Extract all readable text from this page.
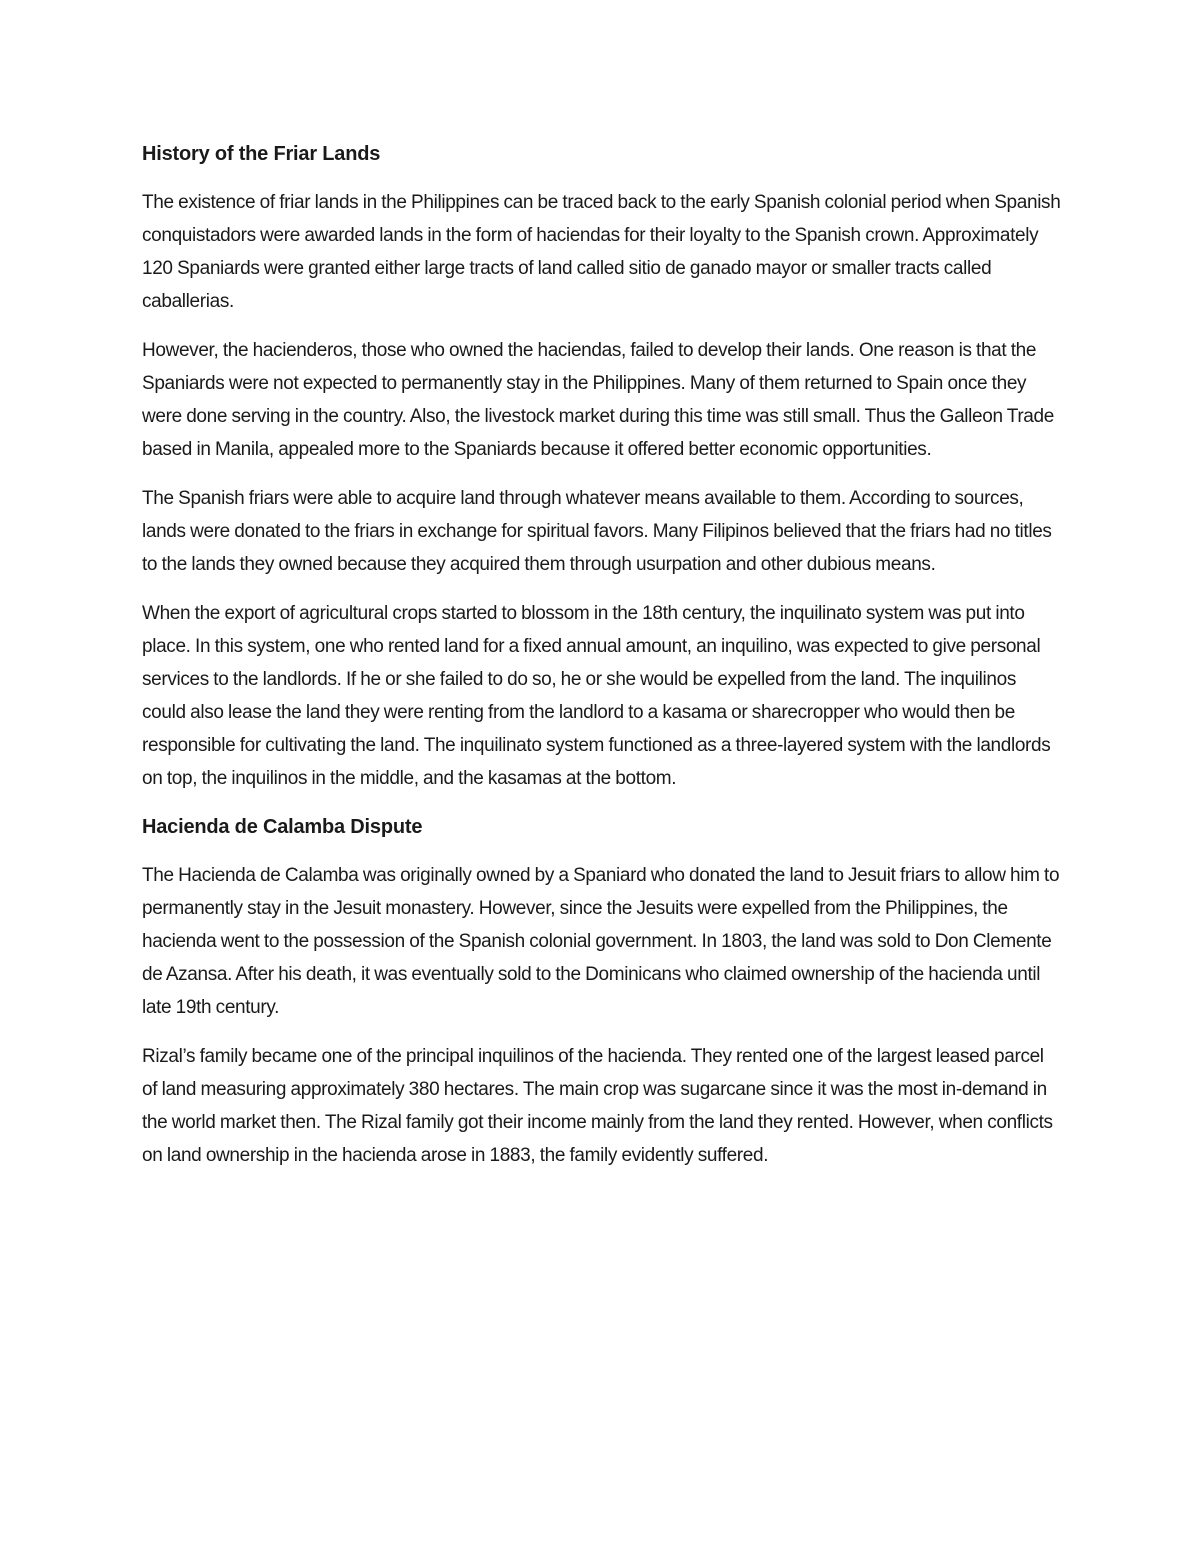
History of the Friar Lands

The existence of friar lands in the Philippines can be traced back to the early Spanish colonial period when Spanish conquistadors were awarded lands in the form of haciendas for their loyalty to the Spanish crown. Approximately 120 Spaniards were granted either large tracts of land called sitio de ganado mayor or smaller tracts called caballerias.

However, the hacienderos, those who owned the haciendas, failed to develop their lands. One reason is that the Spaniards were not expected to permanently stay in the Philippines. Many of them returned to Spain once they were done serving in the country. Also, the livestock market during this time was still small. Thus the Galleon Trade based in Manila, appealed more to the Spaniards because it offered better economic opportunities.

The Spanish friars were able to acquire land through whatever means available to them. According to sources, lands were donated to the friars in exchange for spiritual favors. Many Filipinos believed that the friars had no titles to the lands they owned because they acquired them through usurpation and other dubious means.

When the export of agricultural crops started to blossom in the 18th century, the inquilinato system was put into place. In this system, one who rented land for a fixed annual amount, an inquilino, was expected to give personal services to the landlords. If he or she failed to do so, he or she would be expelled from the land. The inquilinos could also lease the land they were renting from the landlord to a kasama or sharecropper who would then be responsible for cultivating the land. The inquilinato system functioned as a three-layered system with the landlords on top, the inquilinos in the middle, and the kasamas at the bottom.

Hacienda de Calamba Dispute

The Hacienda de Calamba was originally owned by a Spaniard who donated the land to Jesuit friars to allow him to permanently stay in the Jesuit monastery. However, since the Jesuits were expelled from the Philippines, the hacienda went to the possession of the Spanish colonial government. In 1803, the land was sold to Don Clemente de Azansa. After his death, it was eventually sold to the Dominicans who claimed ownership of the hacienda until late 19th century.

Rizal’s family became one of the principal inquilinos of the hacienda. They rented one of the largest leased parcel of land measuring approximately 380 hectares. The main crop was sugarcane since it was the most in-demand in the world market then. The Rizal family got their income mainly from the land they rented. However, when conflicts on land ownership in the hacienda arose in 1883, the family evidently suffered.
